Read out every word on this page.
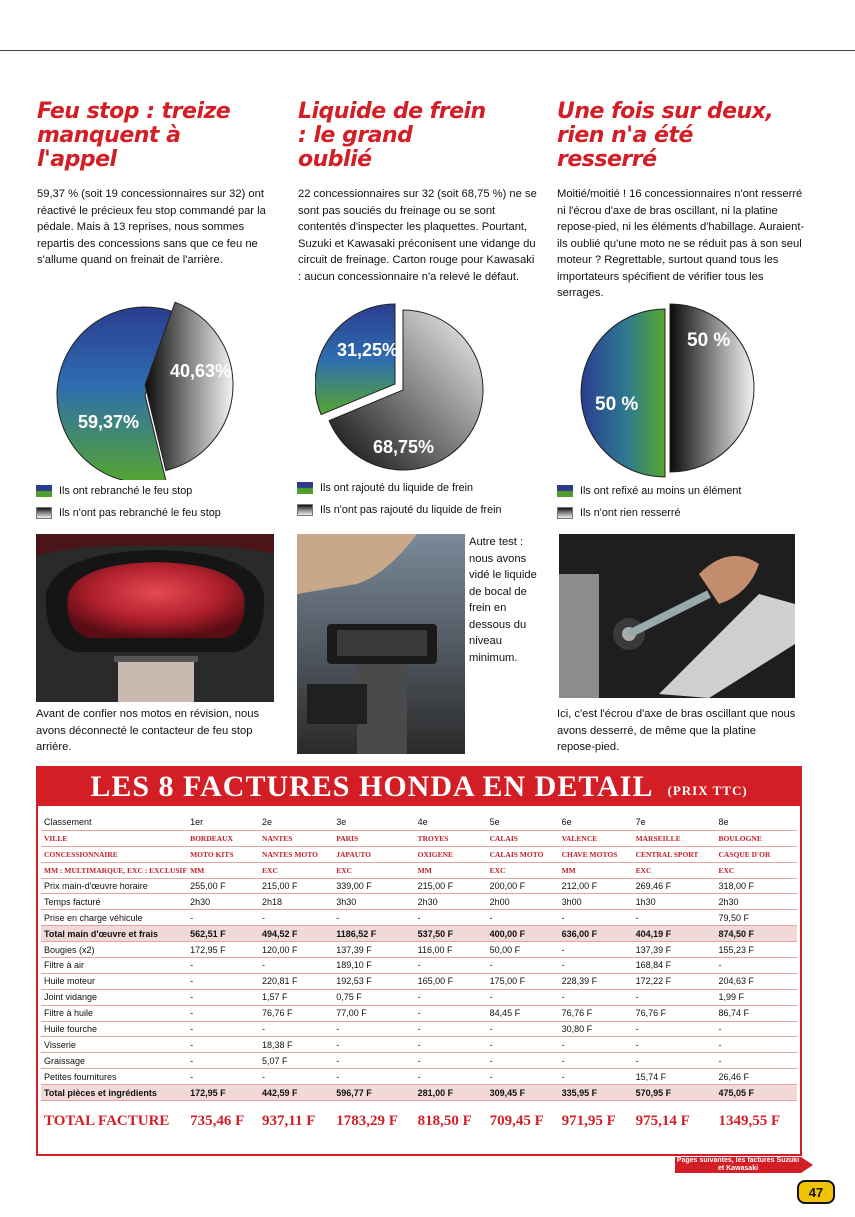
Feu stop : treize manquent à l'appel

59,37 % (soit 19 concessionnaires sur 32) ont réactivé le précieux feu stop commandé par la pédale. Mais à 13 reprises, nous sommes repartis des concessions sans que ce feu ne s'allume quand on freinait de l'arrière.

Liquide de frein : le grand oublié

22 concessionnaires sur 32 (soit 68,75 %) ne se sont pas souciés du freinage ou se sont contentés d'inspecter les plaquettes. Pourtant, Suzuki et Kawasaki préconisent une vidange du circuit de freinage. Carton rouge pour Kawasaki : aucun concessionnaire n'a relevé le défaut.

Une fois sur deux, rien n'a été resserré

Moitié/moitié ! 16 concessionnaires n'ont resserré ni l'écrou d'axe de bras oscillant, ni la platine repose-pied, ni les éléments d'habillage. Auraient-ils oublié qu'une moto ne se réduit pas à son seul moteur ? Regrettable, surtout quand tous les importateurs spécifient de vérifier tous les serrages.

59,37%
40,63%
31,25%
68,75%
50 %
50 %
Ils ont rebranché le feu stop
Ils n'ont pas rebranché le feu stop
Ils ont rajouté du liquide de frein
Ils n'ont pas rajouté du liquide de frein
Ils ont refixé au moins un élément
Ils n'ont rien resserré
Autre test : nous avons vidé le liquide de bocal de frein en dessous du niveau minimum.
Avant de confier nos motos en révision, nous avons déconnecté le contacteur de feu stop arrière.
Ici, c'est l'écrou d'axe de bras oscillant que nous avons desserré, de même que la platine repose-pied.
LES 8 FACTURES HONDA EN DETAIL (PRIX TTC)
Classement	1er	2e	3e	4e	5e	6e	7e	8e
VILLE	BORDEAUX	NANTES	PARIS	TROYES	CALAIS	VALENCE	MARSEILLE	BOULOGNE
CONCESSIONNAIRE	MOTO KITS	NANTES MOTO	JAPAUTO	OXIGENE	CALAIS MOTO	CHAVE MOTOS	CENTRAL SPORT	CASQUE D'OR
MM : MULTIMARQUE, EXC : EXCLUSIF	MM	EXC	EXC	MM	EXC	MM	EXC	EXC
Prix main-d'œuvre horaire	255,00 F	215,00 F	339,00 F	215,00 F	200,00 F	212,00 F	269,46 F	318,00 F
Temps facturé	2h30	2h18	3h30	2h30	2h00	3h00	1h30	2h30
Prise en charge véhicule	-	-	-	-	-	-	-	79,50 F
Total main d'œuvre et frais	562,51 F	494,52 F	1186,52 F	537,50 F	400,00 F	636,00 F	404,19 F	874,50 F
Bougies (x2)	172,95 F	120,00 F	137,39 F	116,00 F	50,00 F	-	137,39 F	155,23 F
Filtre à air	-	-	189,10 F	-	-	-	168,84 F	-
Huile moteur	-	220,81 F	192,53 F	165,00 F	175,00 F	228,39 F	172,22 F	204,63 F
Joint vidange	-	1,57 F	0,75 F	-	-	-	-	1,99 F
Filtre à huile	-	76,76 F	77,00 F	-	84,45 F	76,76 F	76,76 F	86,74 F
Huile fourche	-	-	-	-	-	30,80 F	-	-
Visserie	-	18,38 F	-	-	-	-	-	-
Graissage	-	5,07 F	-	-	-	-	-	-
Petites fournitures	-	-	-	-	-	-	15,74 F	26,46 F
Total pièces et ingrédients	172,95 F	442,59 F	596,77 F	281,00 F	309,45 F	335,95 F	570,95 F	475,05 F
TOTAL FACTURE	735,46 F	937,11 F	1783,29 F	818,50 F	709,45 F	971,95 F	975,14 F	1349,55 F
Pages suivantes, les factures Suzuki et Kawasaki
47
